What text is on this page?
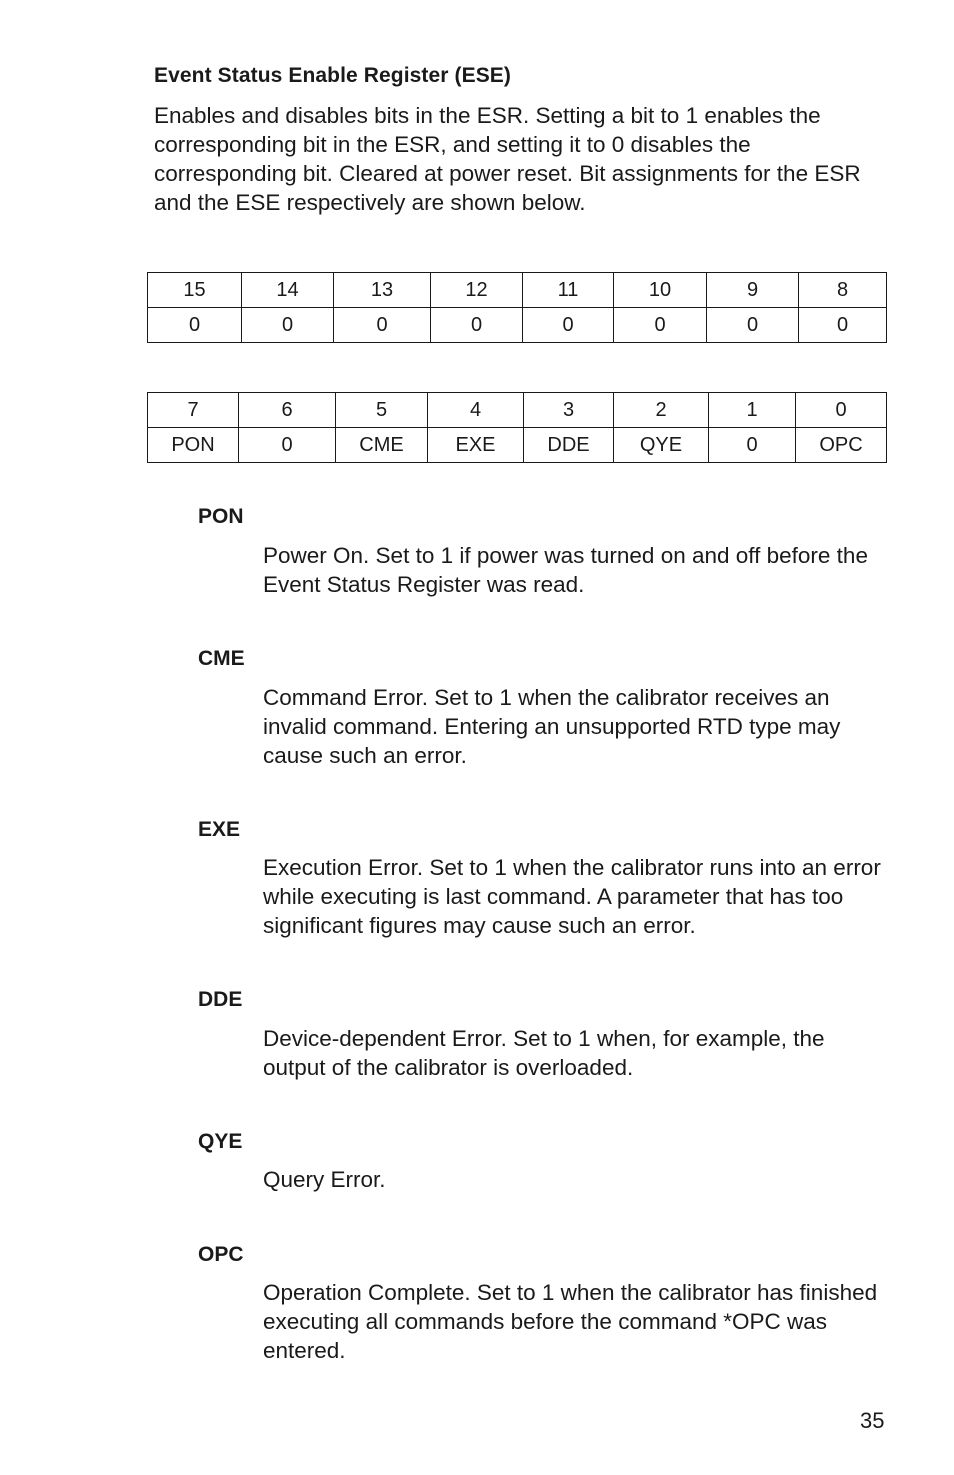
Event Status Enable Register (ESE)

Enables and disables bits in the ESR. Setting a bit to 1 enables the corresponding bit in the ESR, and setting it to 0 disables the corresponding bit. Cleared at power reset. Bit assignments for the ESR and the ESE respectively are shown below.

15	14	13	12	11	10	9	8
0	0	0	0	0	0	0	0
7	6	5	4	3	2	1	0
PON	0	CME	EXE	DDE	QYE	0	OPC
PON

Power On. Set to 1 if power was turned on and off before the Event Status Register was read.

CME

Command Error. Set to 1 when the calibrator receives an invalid command. Entering an unsupported RTD type may cause such an error.

EXE

Execution Error. Set to 1 when the calibrator runs into an error while executing is last command. A parameter that has too significant figures may cause such an error.

DDE

Device-dependent Error. Set to 1 when, for example, the output of the calibrator is overloaded.

QYE

Query Error.

OPC

Operation Complete. Set to 1 when the calibrator has finished executing all commands before the command *OPC was entered.

35
